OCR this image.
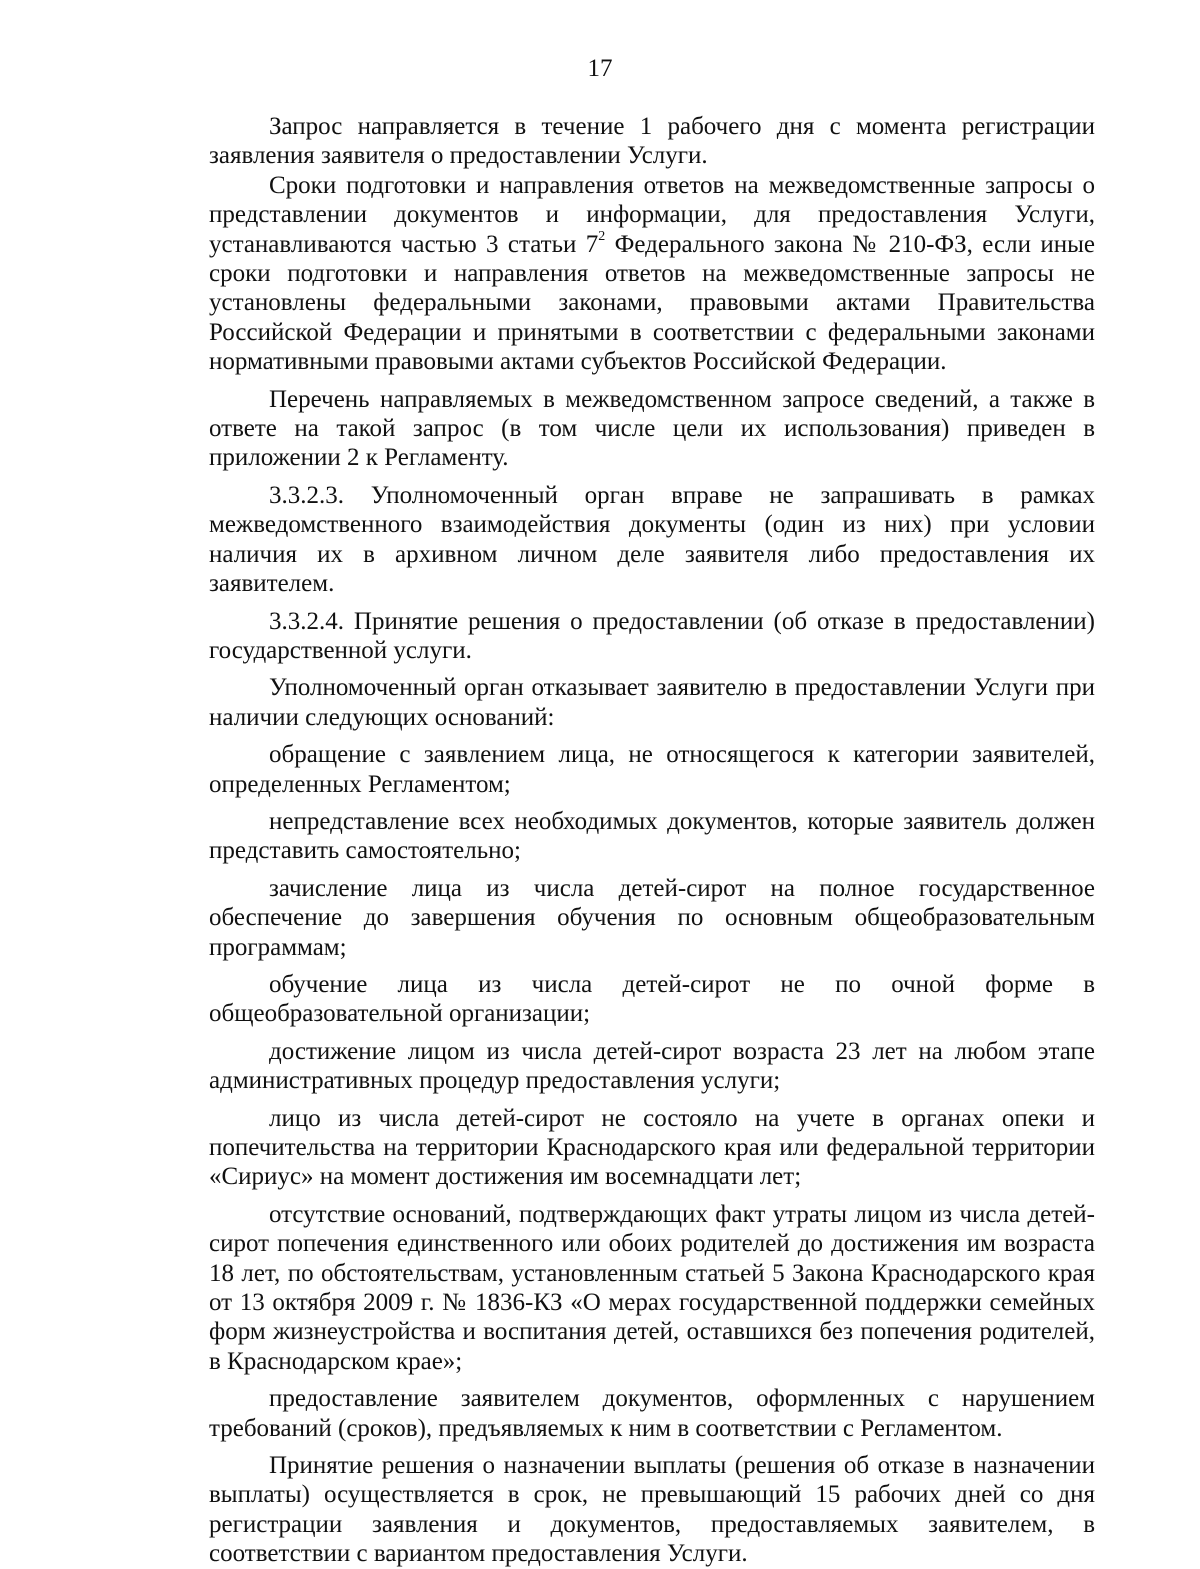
17

Запрос направляется в течение 1 рабочего дня с момента регистрации заявления заявителя о предоставлении Услуги.

Сроки подготовки и направления ответов на межведомственные запросы о представлении документов и информации, для предоставления Услуги, устанавливаются частью 3 статьи $7^2$ Федерального закона № 210-ФЗ, если иные сроки подготовки и направления ответов на межведомственные запросы не установлены федеральными законами, правовыми актами Правительства Российской Федерации и принятыми в соответствии с федеральными законами нормативными правовыми актами субъектов Российской Федерации.

Перечень направляемых в межведомственном запросе сведений, а также в ответе на такой запрос (в том числе цели их использования) приведен в приложении 2 к Регламенту.

3.3.2.3. Уполномоченный орган вправе не запрашивать в рамках межведомственного взаимодействия документы (один из них) при условии наличия их в архивном личном деле заявителя либо предоставления их заявителем.

3.3.2.4. Принятие решения о предоставлении (об отказе в предоставлении) государственной услуги.

Уполномоченный орган отказывает заявителю в предоставлении Услуги при наличии следующих оснований:

обращение с заявлением лица, не относящегося к категории заявителей, определенных Регламентом;

непредставление всех необходимых документов, которые заявитель должен представить самостоятельно;

зачисление лица из числа детей-сирот на полное государственное обеспечение до завершения обучения по основным общеобразовательным программам;

обучение лица из числа детей-сирот не по очной форме в общеобразовательной организации;

достижение лицом из числа детей-сирот возраста 23 лет на любом этапе административных процедур предоставления услуги;

лицо из числа детей-сирот не состояло на учете в органах опеки и попечительства на территории Краснодарского края или федеральной территории «Сириус» на момент достижения им восемнадцати лет;

отсутствие оснований, подтверждающих факт утраты лицом из числа детей-сирот попечения единственного или обоих родителей до достижения им возраста 18 лет, по обстоятельствам, установленным статьей 5 Закона Краснодарского края от 13 октября 2009 г. № 1836-КЗ «О мерах государственной поддержки семейных форм жизнеустройства и воспитания детей, оставшихся без попечения родителей, в Краснодарском крае»;

предоставление заявителем документов, оформленных с нарушением требований (сроков), предъявляемых к ним в соответствии с Регламентом.

Принятие решения о назначении выплаты (решения об отказе в назначении выплаты) осуществляется в срок, не превышающий 15 рабочих дней со дня регистрации заявления и документов, предоставляемых заявителем, в соответствии с вариантом предоставления Услуги.
